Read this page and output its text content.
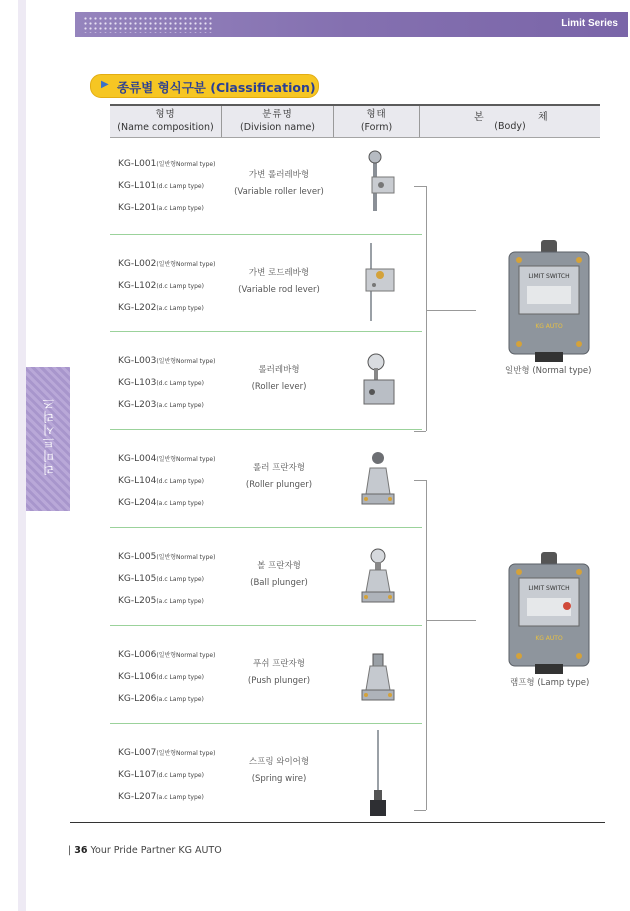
Limit Series
리미트시리즈
▶ 종류별 형식구분 (Classification)
형명
(Name composition)
분류명
(Division name)
형태
(Form)
본	체
(Body)
KG-L001(일반형Normal type)
KG-L101(d.c Lamp type)
KG-L201(a.c Lamp type)
가변 롤러레바형
(Variable roller lever)
KG-L002(일반형Normal type)
KG-L102(d.c Lamp type)
KG-L202(a.c Lamp type)
가변 로드레바형
(Variable rod lever)
KG-L003(일반형Normal type)
KG-L103(d.c Lamp type)
KG-L203(a.c Lamp type)
롤러레바형
(Roller lever)
KG-L004(일반형Normal type)
KG-L104(d.c Lamp type)
KG-L204(a.c Lamp type)
롤러 프란자형
(Roller plunger)
KG-L005(일반형Normal type)
KG-L105(d.c Lamp type)
KG-L205(a.c Lamp type)
볼 프란자형
(Ball plunger)
KG-L006(일반형Normal type)
KG-L106(d.c Lamp type)
KG-L206(a.c Lamp type)
푸쉬 프란자형
(Push plunger)
KG-L007(일반형Normal type)
KG-L107(d.c Lamp type)
KG-L207(a.c Lamp type)
스프링 와이어형
(Spring wire)
LIMIT SWITCH
KG AUTO
일반형 (Normal type)
LIMIT SWITCH
KG AUTO
램프형 (Lamp type)
| 36 Your Pride Partner KG AUTO
